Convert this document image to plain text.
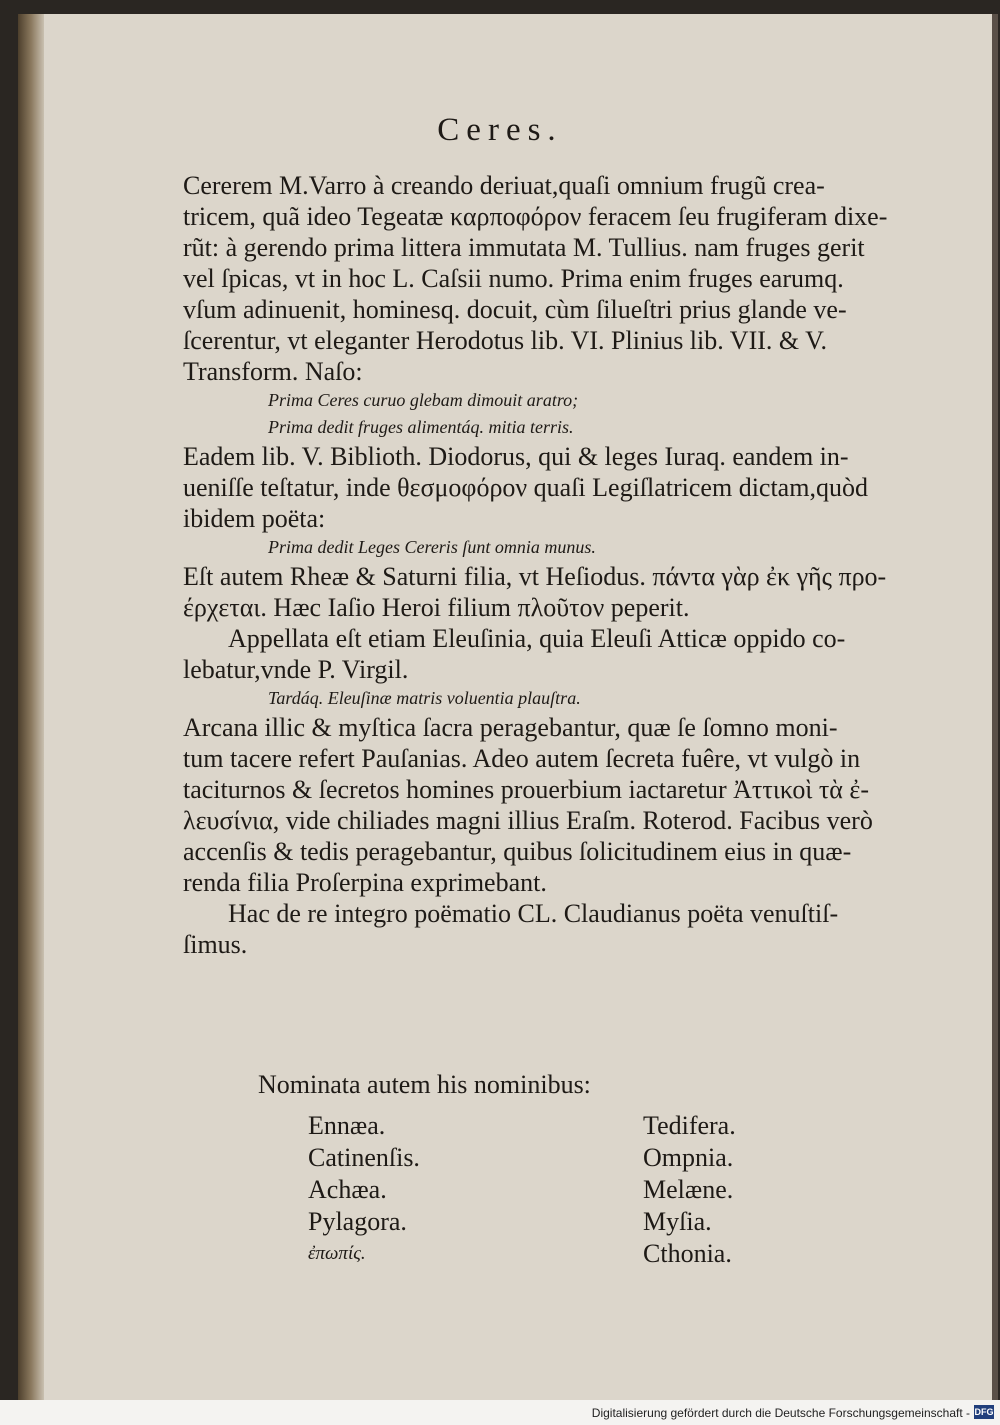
Ceres.
Cererem M.Varro à creando deriuat,quaſi omnium frugũ crea-
tricem, quã ideo Tegeatæ καρποφόρον feracem ſeu frugiferam dixe-
rũt: à gerendo prima littera immutata M. Tullius. nam fruges gerit
vel ſpicas, vt in hoc L. Caſsii numo. Prima enim fruges earumq.
vſum adinuenit, hominesq. docuit, cùm ſilueſtri prius glande ve-
ſcerentur, vt eleganter Herodotus lib. VI. Plinius lib. VII. & V.
Transform. Naſo:
Prima Ceres curuo glebam dimouit aratro;
Prima dedit fruges alimentáq. mitia terris.
Eadem lib. V. Biblioth. Diodorus, qui & leges Iuraq. eandem in-
ueniſſe teſtatur, inde θεσμοφόρον quaſi Legiſlatricem dictam,quòd
ibidem poëta:
Prima dedit Leges Cereris ſunt omnia munus.
Eſt autem Rheæ & Saturni filia, vt Heſiodus. πάντα γὰρ ἐκ γῆς προ-
έρχεται. Hæc Iaſio Heroi filium πλοῦτον peperit.
Appellata eſt etiam Eleuſinia, quia Eleuſi Atticæ oppido co-
lebatur,vnde P. Virgil.
Tardáq. Eleuſinæ matris voluentia plauſtra.
Arcana illic & myſtica ſacra peragebantur, quæ ſe ſomno moni-
tum tacere refert Pauſanias. Adeo autem ſecreta fuêre, vt vulgò in
taciturnos & ſecretos homines prouerbium iactaretur Ἀττικοὶ τὰ ἐ-
λευσίνια, vide chiliades magni illius Eraſm. Roterod. Facibus verò
accenſis & tedis peragebantur, quibus ſolicitudinem eius in quæ-
renda filia Proſerpina exprimebant.
Hac de re integro poëmatio CL. Claudianus poëta venuſtiſ-
ſimus.
Nominata autem his nominibus:
Ennæa.	Tedifera.
Catinenſis.	Ompnia.
Achæa.	Melæne.
Pylagora.	Myſia.
ἐπωπίς.	Cthonia.
Digitalisierung gefördert durch die Deutsche Forschungsgemeinschaft - DFG
